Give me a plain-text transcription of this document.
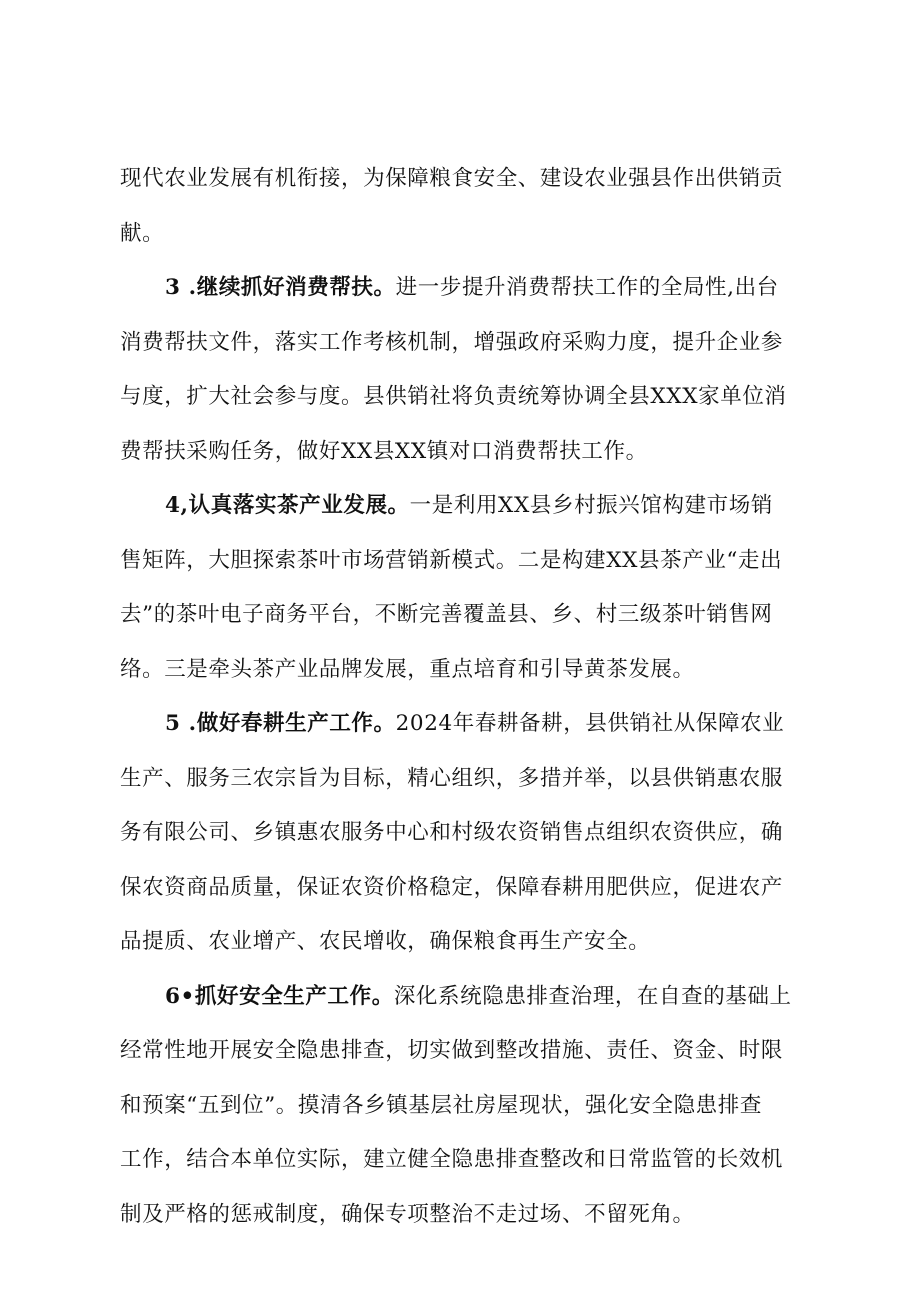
现代农业发展有机衔接，为保障粮食安全、建设农业强县作出供销贡
献。
3 .继续抓好消费帮扶。进一步提升消费帮扶工作的全局性,出台
消费帮扶文件，落实工作考核机制，增强政府采购力度，提升企业参
与度，扩大社会参与度。县供销社将负责统筹协调全县XXX家单位消
费帮扶采购任务，做好XX县XX镇对口消费帮扶工作。
4,认真落实茶产业发展。一是利用XX县乡村振兴馆构建市场销
售矩阵，大胆探索茶叶市场营销新模式。二是构建XX县茶产业“走出
去”的茶叶电子商务平台，不断完善覆盖县、乡、村三级茶叶销售网
络。三是牵头茶产业品牌发展，重点培育和引导黄茶发展。
5 .做好春耕生产工作。2024年春耕备耕，县供销社从保障农业
生产、服务三农宗旨为目标，精心组织，多措并举，以县供销惠农服
务有限公司、乡镇惠农服务中心和村级农资销售点组织农资供应，确
保农资商品质量，保证农资价格稳定，保障春耕用肥供应，促进农产
品提质、农业增产、农民增收，确保粮食再生产安全。
6•抓好安全生产工作。深化系统隐患排查治理，在自查的基础上
经常性地开展安全隐患排查，切实做到整改措施、责任、资金、时限
和预案“五到位”。摸清各乡镇基层社房屋现状，强化安全隐患排查
工作，结合本单位实际，建立健全隐患排查整改和日常监管的长效机
制及严格的惩戒制度，确保专项整治不走过场、不留死角。
